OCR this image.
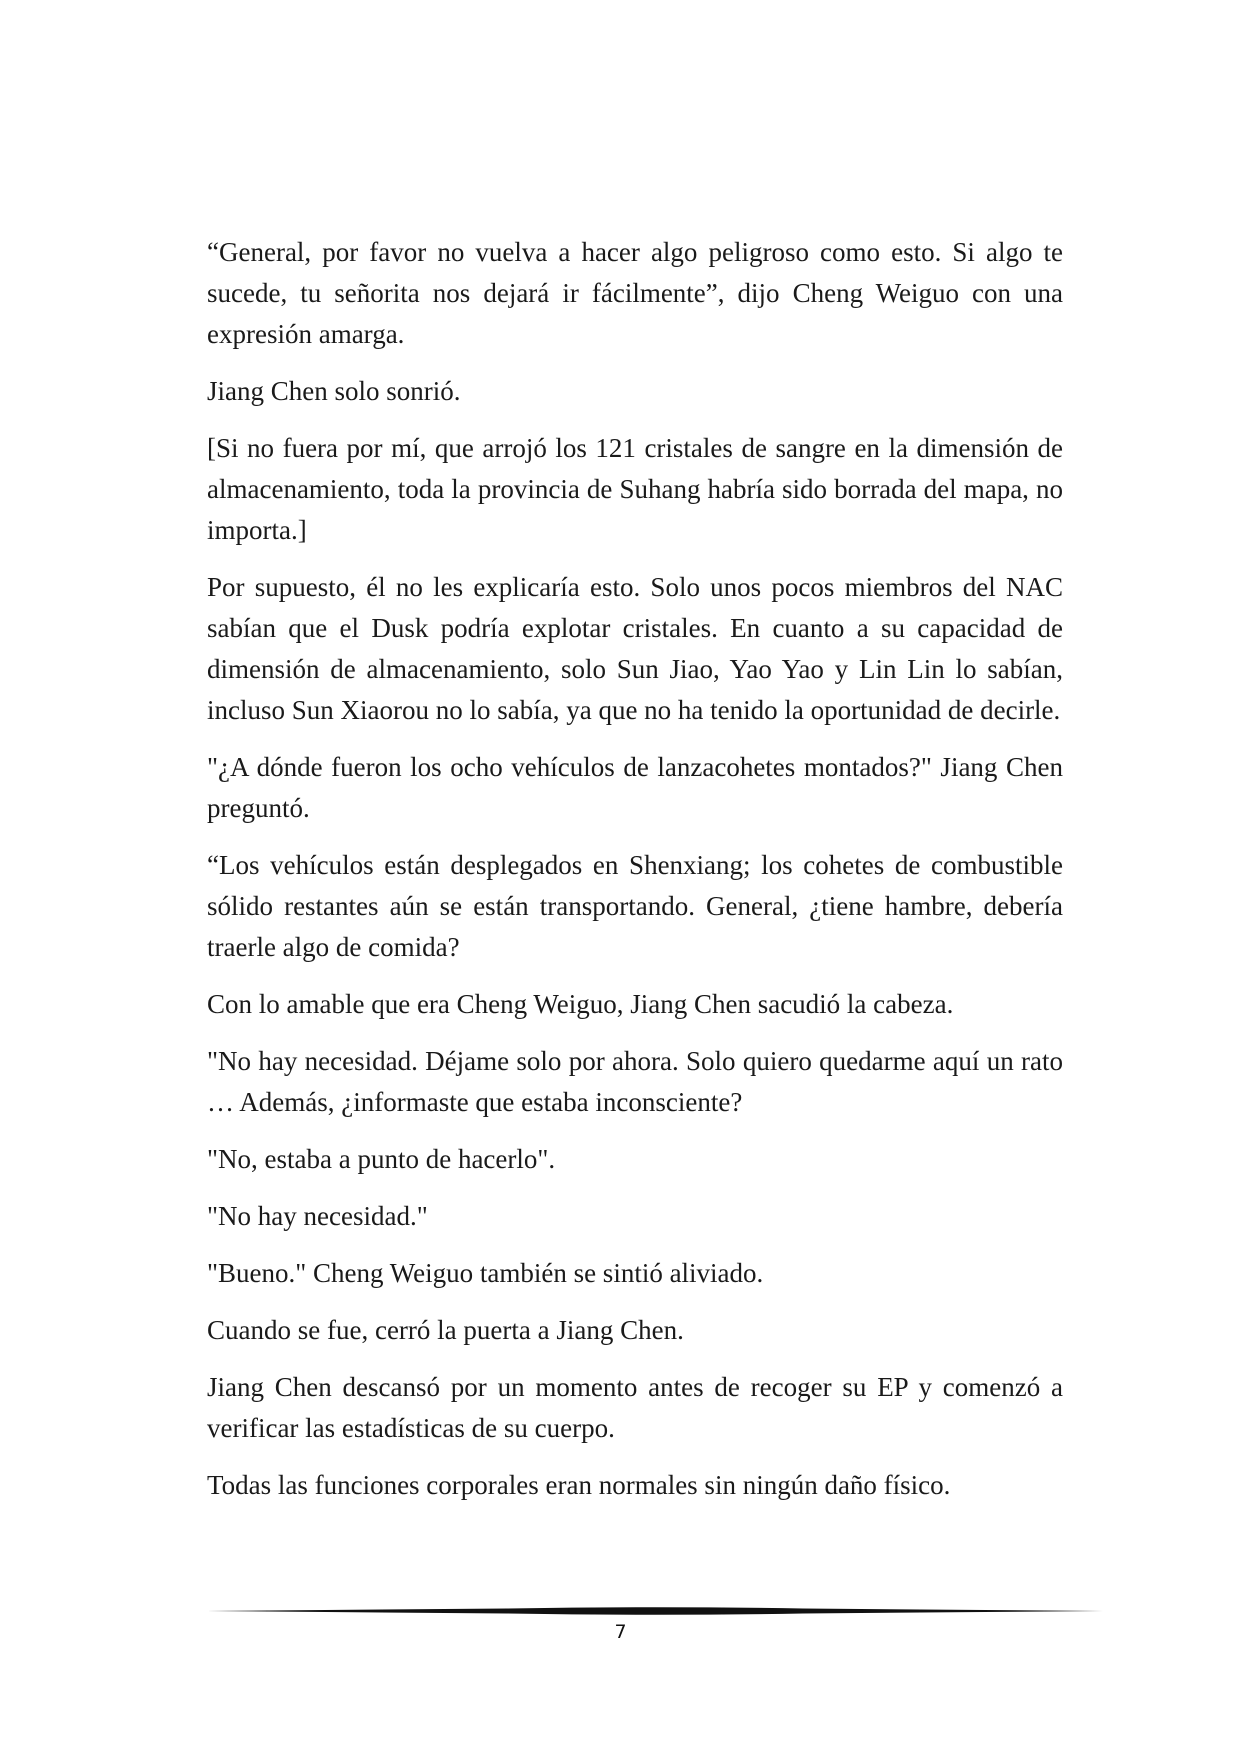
“General, por favor no vuelva a hacer algo peligroso como esto. Si algo te sucede, tu señorita nos dejará ir fácilmente”, dijo Cheng Weiguo con una expresión amarga.

Jiang Chen solo sonrió.

[Si no fuera por mí, que arrojó los 121 cristales de sangre en la dimensión de almacenamiento, toda la provincia de Suhang habría sido borrada del mapa, no importa.]

Por supuesto, él no les explicaría esto. Solo unos pocos miembros del NAC sabían que el Dusk podría explotar cristales. En cuanto a su capacidad de dimensión de almacenamiento, solo Sun Jiao, Yao Yao y Lin Lin lo sabían, incluso Sun Xiaorou no lo sabía, ya que no ha tenido la oportunidad de decirle.

"¿A dónde fueron los ocho vehículos de lanzacohetes montados?" Jiang Chen preguntó.

“Los vehículos están desplegados en Shenxiang; los cohetes de combustible sólido restantes aún se están transportando. General, ¿tiene hambre, debería traerle algo de comida?

Con lo amable que era Cheng Weiguo, Jiang Chen sacudió la cabeza.

"No hay necesidad. Déjame solo por ahora. Solo quiero quedarme aquí un rato … Además, ¿informaste que estaba inconsciente?

"No, estaba a punto de hacerlo".

"No hay necesidad."

"Bueno." Cheng Weiguo también se sintió aliviado.

Cuando se fue, cerró la puerta a Jiang Chen.

Jiang Chen descansó por un momento antes de recoger su EP y comenzó a verificar las estadísticas de su cuerpo.

Todas las funciones corporales eran normales sin ningún daño físico.

7
